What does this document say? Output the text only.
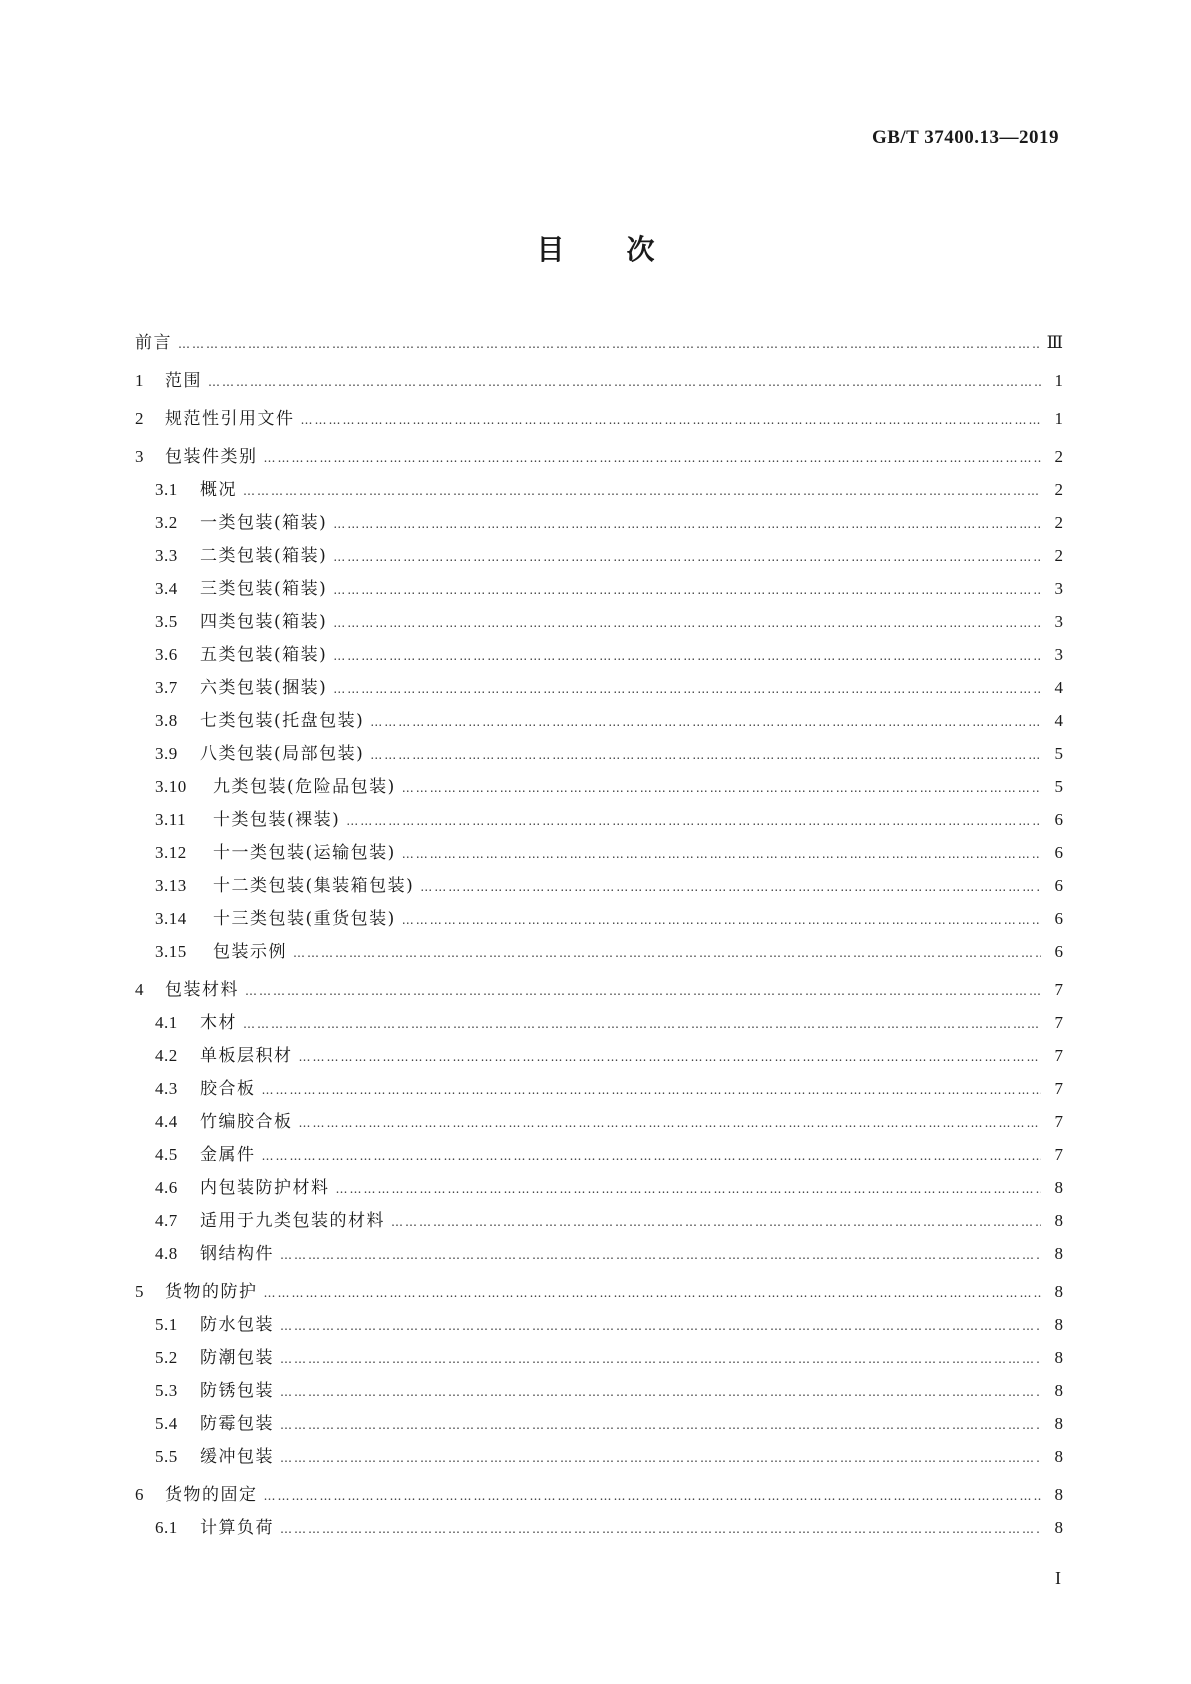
GB/T 37400.13—2019
目次
前言 …………………………………………………………………………………………………………………………………………………………………………………………………………………………………………………………………………………………	Ⅲ
1	范围 …………………………………………………………………………………………………………………………………………………………………………………………………………………………………………………………………………………………	1
2	规范性引用文件 …………………………………………………………………………………………………………………………………………………………………………………………………………………………………………………………………………………………	1
3	包装件类别 …………………………………………………………………………………………………………………………………………………………………………………………………………………………………………………………………………………………	2
3.1	概况 …………………………………………………………………………………………………………………………………………………………………………………………………………………………………………………………………………………………	2
3.2	一类包装(箱装) …………………………………………………………………………………………………………………………………………………………………………………………………………………………………………………………………………………………	2
3.3	二类包装(箱装) …………………………………………………………………………………………………………………………………………………………………………………………………………………………………………………………………………………………	2
3.4	三类包装(箱装) …………………………………………………………………………………………………………………………………………………………………………………………………………………………………………………………………………………………	3
3.5	四类包装(箱装) …………………………………………………………………………………………………………………………………………………………………………………………………………………………………………………………………………………………	3
3.6	五类包装(箱装) …………………………………………………………………………………………………………………………………………………………………………………………………………………………………………………………………………………………	3
3.7	六类包装(捆装) …………………………………………………………………………………………………………………………………………………………………………………………………………………………………………………………………………………………	4
3.8	七类包装(托盘包装) …………………………………………………………………………………………………………………………………………………………………………………………………………………………………………………………………………………………	4
3.9	八类包装(局部包装) …………………………………………………………………………………………………………………………………………………………………………………………………………………………………………………………………………………………	5
3.10	九类包装(危险品包装) …………………………………………………………………………………………………………………………………………………………………………………………………………………………………………………………………………………………	5
3.11	十类包装(裸装) …………………………………………………………………………………………………………………………………………………………………………………………………………………………………………………………………………………………	6
3.12	十一类包装(运输包装) …………………………………………………………………………………………………………………………………………………………………………………………………………………………………………………………………………………………	6
3.13	十二类包装(集装箱包装) …………………………………………………………………………………………………………………………………………………………………………………………………………………………………………………………………………………………	6
3.14	十三类包装(重货包装) …………………………………………………………………………………………………………………………………………………………………………………………………………………………………………………………………………………………	6
3.15	包装示例 …………………………………………………………………………………………………………………………………………………………………………………………………………………………………………………………………………………………	6
4	包装材料 …………………………………………………………………………………………………………………………………………………………………………………………………………………………………………………………………………………………	7
4.1	木材 …………………………………………………………………………………………………………………………………………………………………………………………………………………………………………………………………………………………	7
4.2	单板层积材 …………………………………………………………………………………………………………………………………………………………………………………………………………………………………………………………………………………………	7
4.3	胶合板 …………………………………………………………………………………………………………………………………………………………………………………………………………………………………………………………………………………………	7
4.4	竹编胶合板 …………………………………………………………………………………………………………………………………………………………………………………………………………………………………………………………………………………………	7
4.5	金属件 …………………………………………………………………………………………………………………………………………………………………………………………………………………………………………………………………………………………	7
4.6	内包装防护材料 …………………………………………………………………………………………………………………………………………………………………………………………………………………………………………………………………………………………	8
4.7	适用于九类包装的材料 …………………………………………………………………………………………………………………………………………………………………………………………………………………………………………………………………………………………	8
4.8	钢结构件 …………………………………………………………………………………………………………………………………………………………………………………………………………………………………………………………………………………………	8
5	货物的防护 …………………………………………………………………………………………………………………………………………………………………………………………………………………………………………………………………………………………	8
5.1	防水包装 …………………………………………………………………………………………………………………………………………………………………………………………………………………………………………………………………………………………	8
5.2	防潮包装 …………………………………………………………………………………………………………………………………………………………………………………………………………………………………………………………………………………………	8
5.3	防锈包装 …………………………………………………………………………………………………………………………………………………………………………………………………………………………………………………………………………………………	8
5.4	防霉包装 …………………………………………………………………………………………………………………………………………………………………………………………………………………………………………………………………………………………	8
5.5	缓冲包装 …………………………………………………………………………………………………………………………………………………………………………………………………………………………………………………………………………………………	8
6	货物的固定 …………………………………………………………………………………………………………………………………………………………………………………………………………………………………………………………………………………………	8
6.1	计算负荷 …………………………………………………………………………………………………………………………………………………………………………………………………………………………………………………………………………………………	8
I
